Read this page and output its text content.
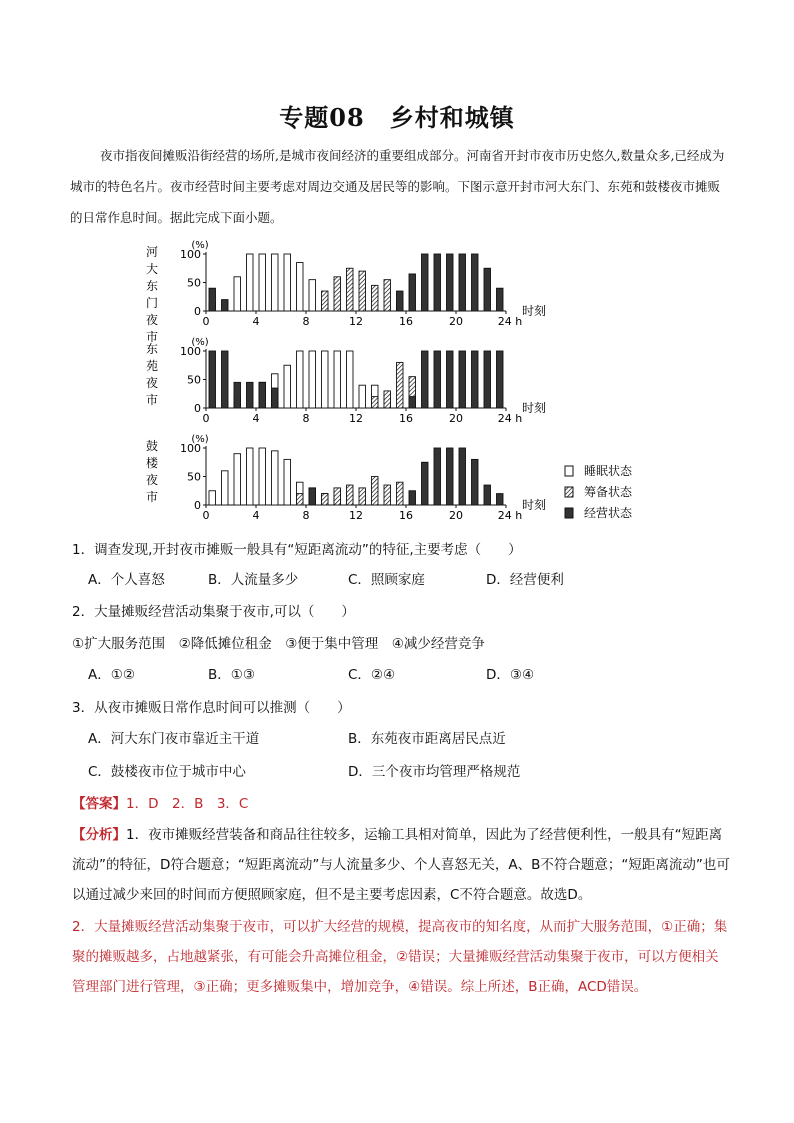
专题08　乡村和城镇
夜市指夜间摊贩沿街经营的场所,是城市夜间经济的重要组成部分。河南省开封市夜市历史悠久,数量众多,已经成为城市的特色名片。夜市经营时间主要考虑对周边交通及居民等的影响。下图示意开封市河大东门、东苑和鼓楼夜市摊贩的日常作息时间。据此完成下面小题。
河
大
东
门
夜
市
(%)
0
50
100
0	4	8	12	16	20	24 h
时刻
东
苑
夜
市
(%)
0
50
100
0	4	8	12	16	20	24 h
时刻
鼓
楼
夜
市
(%)
0
50
100
0	4	8	12	16	20	24 h
时刻
睡眠状态
筹备状态
经营状态
1．调查发现,开封夜市摊贩一般具有“短距离流动”的特征,主要考虑（　　）
A．个人喜怒	B．人流量多少	C．照顾家庭	D．经营便利
2．大量摊贩经营活动集聚于夜市,可以（　　）
①扩大服务范围　②降低摊位租金　③便于集中管理　④减少经营竞争
A．①②	B．①③	C．②④	D．③④
3．从夜市摊贩日常作息时间可以推测（　　）
A．河大东门夜市靠近主干道	B．东苑夜市距离居民点近
C．鼓楼夜市位于城市中心	D．三个夜市均管理严格规范
【答案】1．D　2．B　3．C
【分析】1．夜市摊贩经营装备和商品往往较多，运输工具相对简单，因此为了经营便利性，一般具有“短距离流动”的特征，D符合题意；“短距离流动”与人流量多少、个人喜怒无关，A、B不符合题意；“短距离流动”也可以通过减少来回的时间而方便照顾家庭，但不是主要考虑因素，C不符合题意。故选D。
2．大量摊贩经营活动集聚于夜市，可以扩大经营的规模，提高夜市的知名度，从而扩大服务范围，①正确；集聚的摊贩越多，占地越紧张，有可能会升高摊位租金，②错误；大量摊贩经营活动集聚于夜市，可以方便相关管理部门进行管理，③正确；更多摊贩集中，增加竞争，④错误。综上所述，B正确，ACD错误。
